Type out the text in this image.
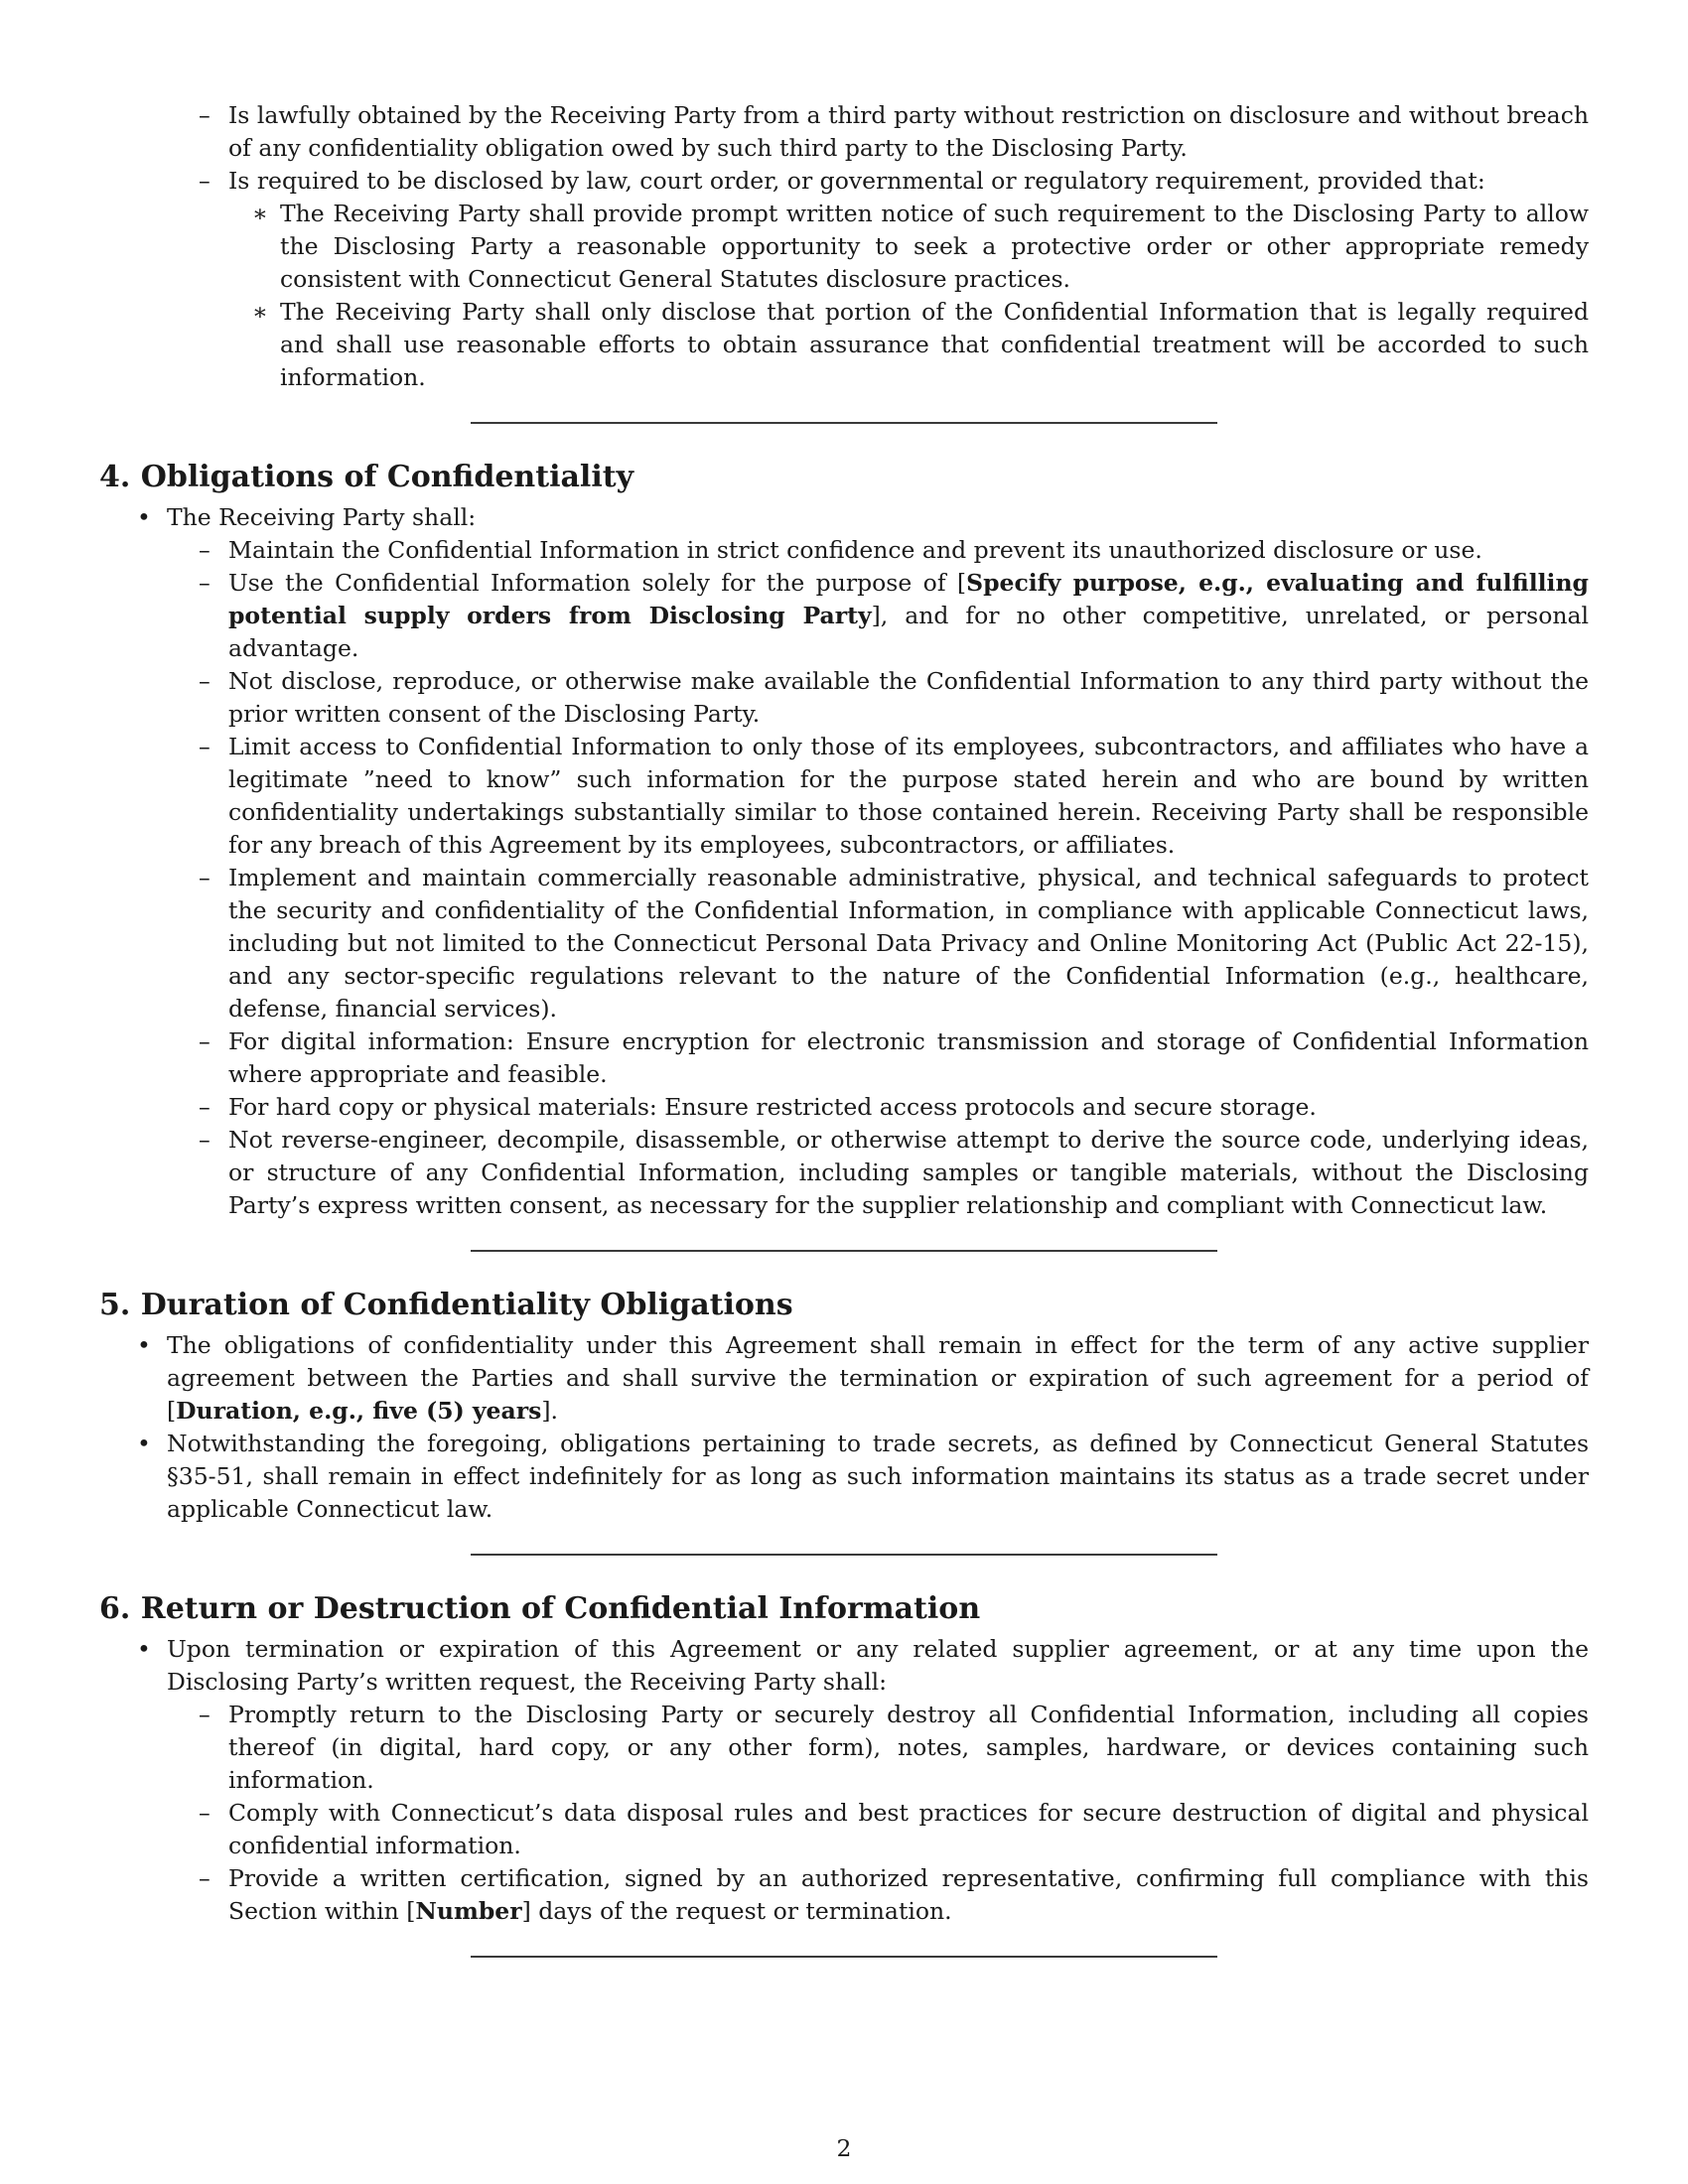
– Is lawfully obtained by the Receiving Party from a third party without restriction on disclosure and without breach of any confidentiality obligation owed by such third party to the Disclosing Party.

– Is required to be disclosed by law, court order, or governmental or regulatory requirement, provided that:

∗ The Receiving Party shall provide prompt written notice of such requirement to the Disclosing Party to allow the Disclosing Party a reasonable opportunity to seek a protective order or other appropriate remedy consistent with Connecticut General Statutes disclosure practices.

∗ The Receiving Party shall only disclose that portion of the Confidential Information that is legally required and shall use reasonable efforts to obtain assurance that confidential treatment will be accorded to such information.

4. Obligations of Confidentiality
• The Receiving Party shall:

– Maintain the Confidential Information in strict confidence and prevent its unauthorized disclosure or use.

– Use the Confidential Information solely for the purpose of [Specify purpose, e.g., evaluating and fulfilling potential supply orders from Disclosing Party], and for no other competitive, unrelated, or personal advantage.

– Not disclose, reproduce, or otherwise make available the Confidential Information to any third party without the prior written consent of the Disclosing Party.

– Limit access to Confidential Information to only those of its employees, subcontractors, and affiliates who have a legitimate ”need to know” such information for the purpose stated herein and who are bound by written confidentiality undertakings substantially similar to those contained herein. Receiving Party shall be responsible for any breach of this Agreement by its employees, subcontractors, or affiliates.

– Implement and maintain commercially reasonable administrative, physical, and technical safeguards to protect the security and confidentiality of the Confidential Information, in compliance with applicable Connecticut laws, including but not limited to the Connecticut Personal Data Privacy and Online Monitoring Act (Public Act 22-15), and any sector-specific regulations relevant to the nature of the Confidential Information (e.g., healthcare, defense, financial services).

– For digital information: Ensure encryption for electronic transmission and storage of Confidential Information where appropriate and feasible.

– For hard copy or physical materials: Ensure restricted access protocols and secure storage.

– Not reverse-engineer, decompile, disassemble, or otherwise attempt to derive the source code, underlying ideas, or structure of any Confidential Information, including samples or tangible materials, without the Disclosing Party’s express written consent, as necessary for the supplier relationship and compliant with Connecticut law.

5. Duration of Confidentiality Obligations
• The obligations of confidentiality under this Agreement shall remain in effect for the term of any active supplier agreement between the Parties and shall survive the termination or expiration of such agreement for a period of [Duration, e.g., five (5) years].

• Notwithstanding the foregoing, obligations pertaining to trade secrets, as defined by Connecticut General Statutes §35-51, shall remain in effect indefinitely for as long as such information maintains its status as a trade secret under applicable Connecticut law.

6. Return or Destruction of Confidential Information
• Upon termination or expiration of this Agreement or any related supplier agreement, or at any time upon the Disclosing Party’s written request, the Receiving Party shall:

– Promptly return to the Disclosing Party or securely destroy all Confidential Information, including all copies thereof (in digital, hard copy, or any other form), notes, samples, hardware, or devices containing such information.

– Comply with Connecticut’s data disposal rules and best practices for secure destruction of digital and physical confidential information.

– Provide a written certification, signed by an authorized representative, confirming full compliance with this Section within [Number] days of the request or termination.

2
